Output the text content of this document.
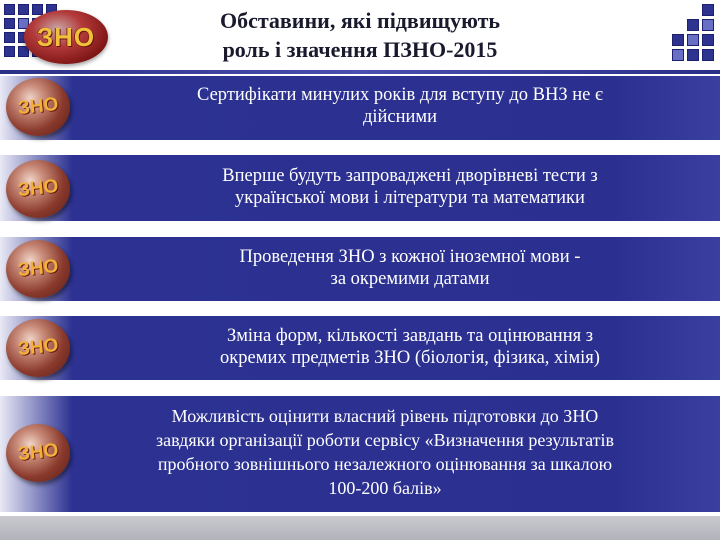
ЗНО
Обставини, які підвищують
роль і значення ПЗНО-2015
Сертифікати минулих років для вступу до ВНЗ не є
дійсними
ЗНО
Вперше будуть запроваджені дворівневі тести з
української мови і літератури та математики
ЗНО
Проведення ЗНО з кожної іноземної мови -
за окремими датами
ЗНО
Зміна форм, кількості завдань та оцінювання з
окремих предметів ЗНО (біологія, фізика, хімія)
ЗНО
Можливість оцінити власний рівень підготовки до ЗНО
завдяки організації роботи сервісу «Визначення результатів
пробного зовнішнього незалежного оцінювання за шкалою
100-200 балів»
ЗНО
